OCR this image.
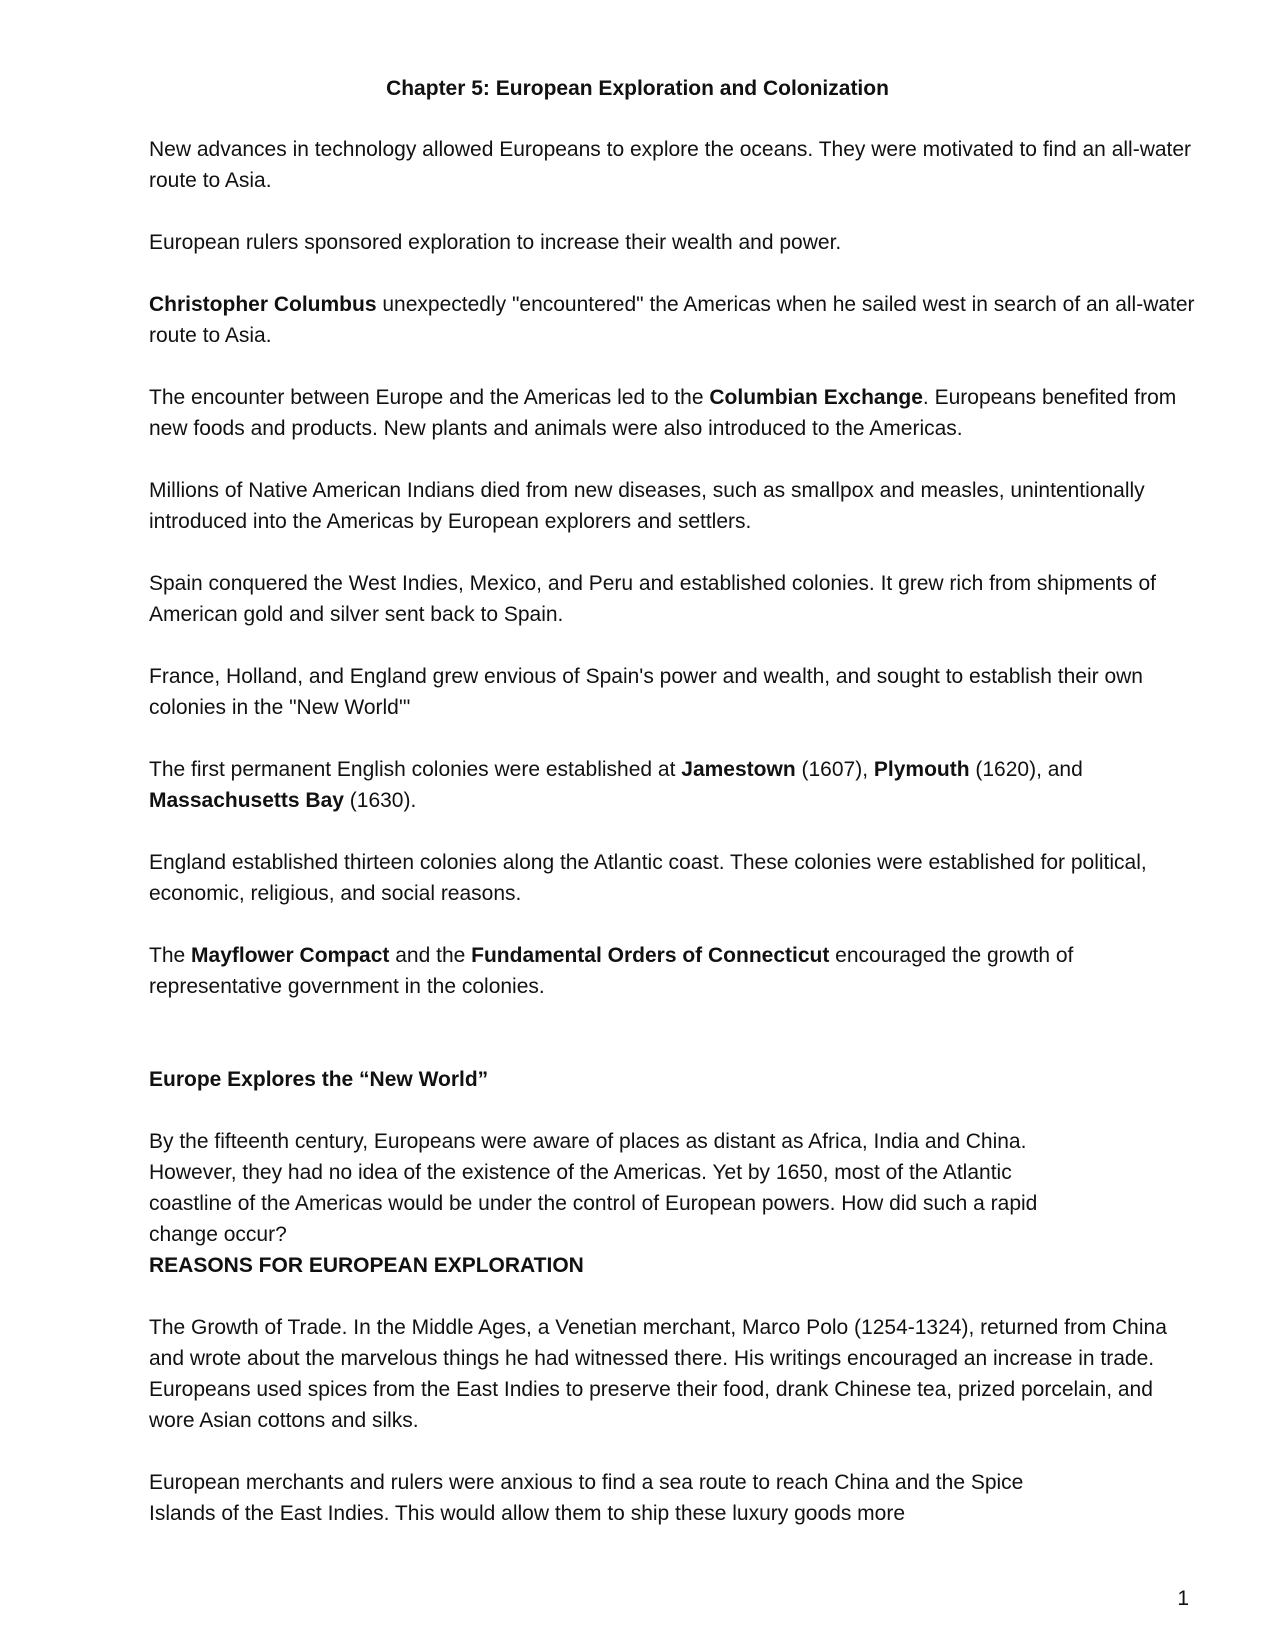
Chapter 5: European Exploration and Colonization

New advances in technology allowed Europeans to explore the oceans. They were motivated to find an all-water route to Asia.

European rulers sponsored exploration to increase their wealth and power.

Christopher Columbus unexpectedly "encountered" the Americas when he sailed west in search of an all-water route to Asia.

The encounter between Europe and the Americas led to the Columbian Exchange. Europeans benefited from new foods and products. New plants and animals were also introduced to the Americas.

Millions of Native American Indians died from new diseases, such as smallpox and measles, unintentionally introduced into the Americas by European explorers and settlers.

Spain conquered the West Indies, Mexico, and Peru and established colonies. It grew rich from shipments of American gold and silver sent back to Spain.

France, Holland, and England grew envious of Spain's power and wealth, and sought to establish their own colonies in the "New World'"

The first permanent English colonies were established at Jamestown (1607), Plymouth (1620), and Massachusetts Bay (1630).

England established thirteen colonies along the Atlantic coast. These colonies were established for political, economic, religious, and social reasons.

The Mayflower Compact and the Fundamental Orders of Connecticut encouraged the growth of representative government in the colonies.

Europe Explores the “New World”

By the fifteenth century, Europeans were aware of places as distant as Africa, India and China. However, they had no idea of the existence of the Americas. Yet by 1650, most of the Atlantic coastline of the Americas would be under the control of European powers. How did such a rapid change occur?

REASONS FOR EUROPEAN EXPLORATION

The Growth of Trade. In the Middle Ages, a Venetian merchant, Marco Polo (1254-1324), returned from China and wrote about the marvelous things he had witnessed there. His writings encouraged an increase in trade. Europeans used spices from the East Indies to preserve their food, drank Chinese tea, prized porcelain, and wore Asian cottons and silks.

European merchants and rulers were anxious to find a sea route to reach China and the Spice Islands of the East Indies. This would allow them to ship these luxury goods more

1
